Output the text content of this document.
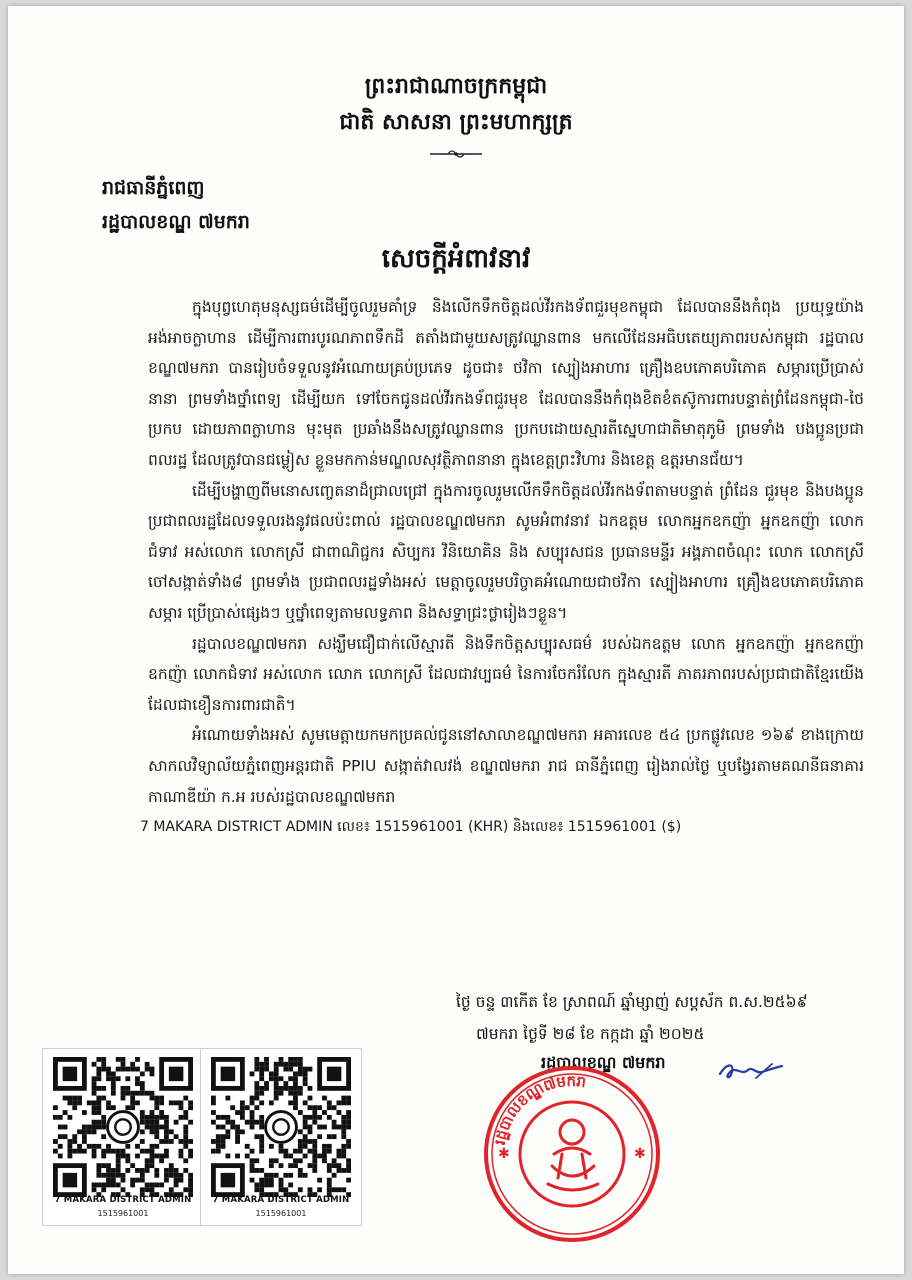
ព្រះរាជាណាចក្រកម្ពុជា
ជាតិ សាសនា ព្រះមហាក្សត្រ
រាជធានីភ្នំពេញ
រដ្ឋបាលខណ្ឌ ៧មករា
សេចក្តីអំពាវនាវ

ក្នុងបុព្វហេតុមនុស្សធម៌ដើម្បីចូលរួមគាំទ្រ និងលើកទឹកចិត្តដល់វីរកងទ័ពជួរមុខកម្ពុជា ដែលបាននឹងកំពុង ប្រយុទ្ធយ៉ាងអង់អាចក្លាហាន ដើម្បីការពារបូរណភាពទឹកដី តតាំងជាមួយសត្រូវឈ្លានពាន មកលើដែនអធិបតេយ្យភាពរបស់កម្ពុជា រដ្ឋបាលខណ្ឌ៧មករា បានរៀបចំទទួលនូវអំណោយគ្រប់ប្រភេទ ដូចជា៖ ថវិកា ស្បៀងអាហារ គ្រឿងឧបភោគបរិភោគ សម្ភារប្រើប្រាស់នានា ព្រមទាំងថ្នាំពេទ្យ ដើម្បីយក ទៅចែកជូនដល់វីរកងទ័ពជួរមុខ ដែលបាននឹងកំពុងខិតខំតស៊ូការពារបន្ទាត់ព្រំដែនកម្ពុជា-ថៃ ប្រកប ដោយភាពក្លាហាន មុះមុត ប្រឆាំងនឹងសត្រូវឈ្លានពាន ប្រកបដោយស្មារតីស្នេហាជាតិមាតុភូមិ ព្រមទាំង បងប្អូនប្រជាពលរដ្ឋ ដែលត្រូវបានជម្លៀស ខ្លួនមកកាន់មណ្ឌលសុវត្ថិភាពនានា ក្នុងខេត្តព្រះវិហារ និងខេត្ត ឧត្តរមានជ័យ។

ដើម្បីបង្ហាញពីមនោសញ្ចេតនាដ៏ជ្រាលជ្រៅ ក្នុងការចូលរួមលើកទឹកចិត្តដល់វីរកងទ័ពតាមបន្ទាត់ ព្រំដែន ជួរមុខ និងបងប្អូនប្រជាពលរដ្ឋដែលទទួលរងនូវផលប៉ះពាល់ រដ្ឋបាលខណ្ឌ៧មករា សូមអំពាវនាវ ឯកឧត្តម លោកអ្នកឧកញ៉ា អ្នកឧកញ៉ា លោកជំទាវ អស់លោក លោកស្រី ជាពាណិជ្ជករ សិប្បករ វិនិយោគិន និង សប្បុរសជន ប្រធានមន្ទីរ អង្គភាពចំណុះ លោក លោកស្រី ចៅសង្កាត់ទាំង៨ ព្រមទាំង ប្រជាពលរដ្ឋទាំងអស់ មេត្តាចូលរួមបរិច្ចាគអំណោយជាថវិកា ស្បៀងអាហារ គ្រឿងឧបភោគបរិភោគ សម្ភារ ប្រើប្រាស់ផ្សេងៗ ឬថ្នាំពេទ្យតាមលទ្ធភាព និងសទ្ធាជ្រះថ្លារៀងៗខ្លួន។

រដ្ឋបាលខណ្ឌ៧មករា សង្ឃឹមជឿជាក់លើស្មារតី និងទឹកចិត្តសប្បុរសធម៌ របស់ឯកឧត្តម លោក អ្នកឧកញ៉ា អ្នកឧកញ៉ា ឧកញ៉ា លោកជំទាវ អស់លោក លោក លោកស្រី ដែលជាវប្បធម៌ នៃការចែករំលែក ក្នុងស្មារតី ភាតរភាពរបស់ប្រជាជាតិខ្មែរយើង ដែលជាខឿនការពារជាតិ។

អំណោយទាំងអស់ សូមមេត្តាយកមកប្រគល់ជូននៅសាលាខណ្ឌ៧មករា អគារលេខ ៥៤ ប្រកផ្លូវលេខ ១៦៩ ខាងក្រោយសាកលវិទ្យាល័យភ្នំពេញអន្តរជាតិ PPIU សង្កាត់វាលវង់ ខណ្ឌ៧មករា រាជ ធានីភ្នំពេញ រៀងរាល់ថ្ងៃ ឬបង្វែរតាមគណនីធនាគារ កាណាឌីយ៉ា ក.អ របស់រដ្ឋបាលខណ្ឌ៧មករា

7 MAKARA DISTRICT ADMIN លេខ៖ 1515961001 (KHR) និងលេខ៖ 1515961001 ($)

ថ្ងៃ ចន្ទ ៣កើត ខែ ស្រាពណ៍ ឆ្នាំម្សាញ់ សប្តស័ក ព.ស.២៥៦៩
៧មករា ថ្ងៃទី ២៨ ខែ កក្កដា ឆ្នាំ ២០២៥
រដ្ឋបាលខណ្ឌ ៧មករា
7 MAKARA DISTRICT ADMIN
1515961001
7 MAKARA DISTRICT ADMIN
1515961001
រដ្ឋបាលខណ្ឌ៧មករា
✱	✱
